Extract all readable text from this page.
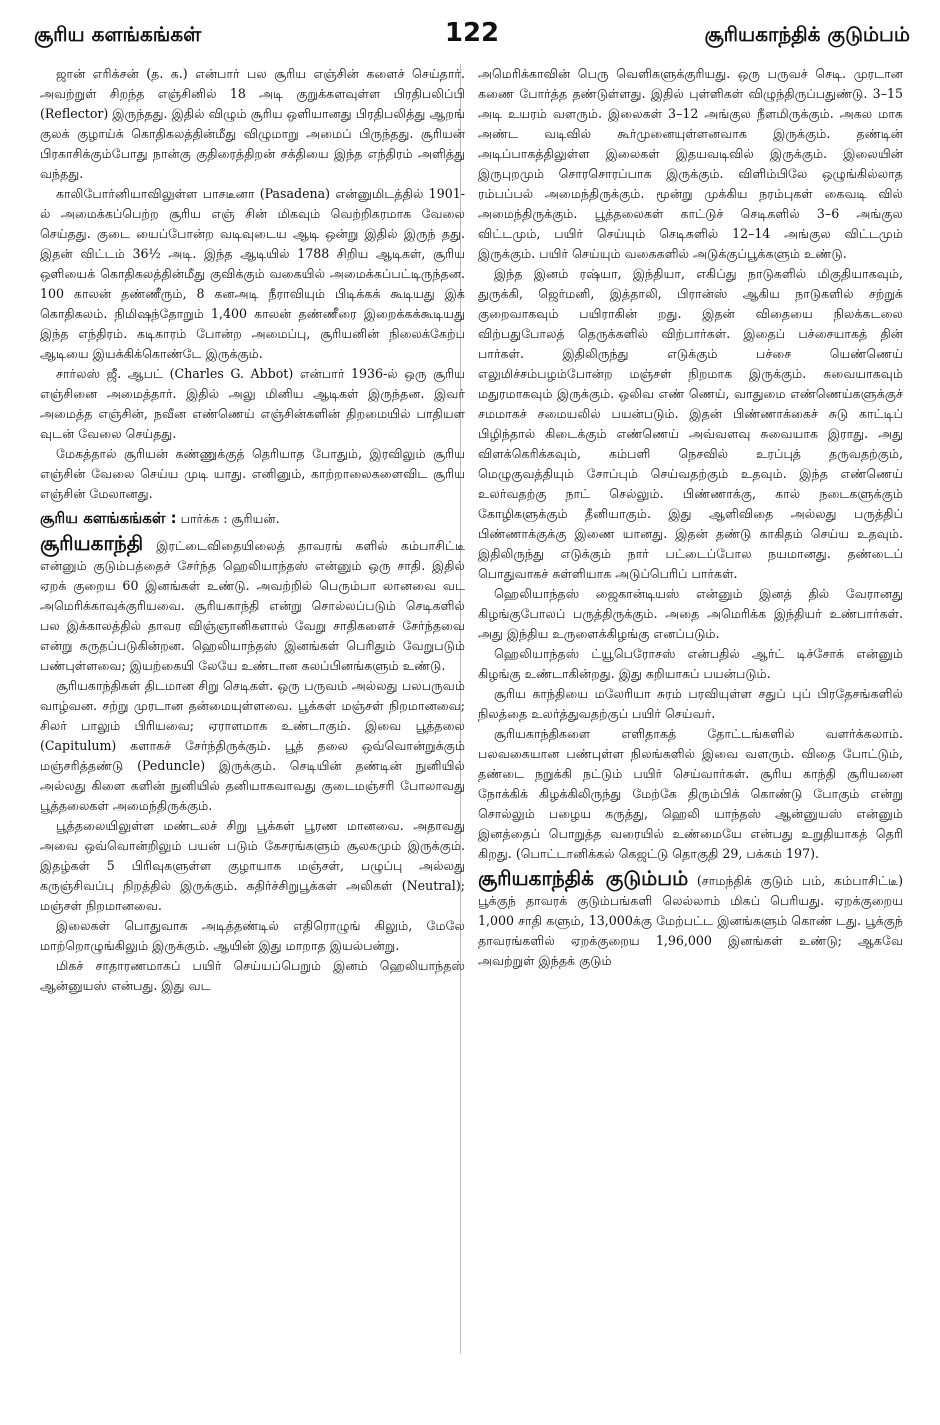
சூரிய களங்கங்கள்	122	சூரியகாந்திக் குடும்பம்

ஜான் எரிக்சன் (த. க.) என்பார் பல சூரிய எஞ்சின் களைச் செய்தார். அவற்றுள் சிறந்த எஞ்சினில் 18 அடி குறுக்களவுள்ள பிரதிபலிப்பி (Reflector) இருந்தது. இதில் விழும் சூரிய ஒளியானது பிரதிபலித்து ஆறங் குலக் குழாய்க் கொதிகலத்தின்மீது விழுமாறு அமைப் பிருந்தது. சூரியன் பிரகாசிக்கும்போது நான்கு குதிரைத்திறன் சக்தியை இந்த எந்திரம் அளித்து வந்தது.

காலிபோர்னியாவிலுள்ள பாசடீனா (Pasadena) என்னுமிடத்தில் 1901-ல் அமைக்கப்பெற்ற சூரிய எஞ் சின் மிகவும் வெற்றிகரமாக வேலை செய்தது. குடை யைப்போன்ற வடிவுடைய ஆடி ஒன்று இதில் இருந் தது. இதன் விட்டம் 36½ அடி. இந்த ஆடியில் 1788 சிறிய ஆடிகள், சூரிய ஒளியைக் கொதிகலத்தின்மீது குவிக்கும் வகையில் அமைக்கப்பட்டிருந்தன. 100 காலன் தண்ணீரும், 8 கனஅடி நீராவியும் பிடிக்கக் கூடியது இக் கொதிகலம். நிமிஷந்தோறும் 1,400 காலன் தண்ணீரை இறைக்கக்கூடியது இந்த எந்திரம். கடிகாரம் போன்ற அமைப்பு, சூரியனின் நிலைக்கேற்ப ஆடியை இயக்கிக்கொண்டே இருக்கும்.

சார்லஸ் ஜீ. ஆபட் (Charles G. Abbot) என்பார் 1936-ல் ஒரு சூரிய எஞ்சினை அமைத்தார். இதில் அலு மினிய ஆடிகள் இருந்தன. இவர் அமைத்த எஞ்சின், நவீன எண்ணெய் எஞ்சின்களின் திறமையில் பாதியள வுடன் வேலை செய்தது.

மேகத்தால் சூரியன் கண்ணுக்குத் தெரியாத போதும், இரவிலும் சூரிய எஞ்சின் வேலை செய்ய முடி யாது. எனினும், காற்றாலைகளைவிட சூரிய எஞ்சின் மேலானது.

சூரிய களங்கங்கள் : பார்க்க : சூரியன்.

சூரியகாந்தி இரட்டைவிதையிலைத் தாவரங் களில் கம்பாசிட்டீ என்னும் குடும்பத்தைச் சேர்ந்த ஹெலியாந்தஸ் என்னும் ஒரு சாதி. இதில் ஏறக் குறைய 60 இனங்கள் உண்டு. அவற்றில் பெரும்பா லானவை வட அமெரிக்காவுக்குரியவை. சூரியகாந்தி என்று சொல்லப்படும் செடிகளில் பல இக்காலத்தில் தாவர விஞ்ஞானிகளால் வேறு சாதிகளைச் சேர்ந்தவை என்று கருதப்படுகின்றன. ஹெலியாந்தஸ் இனங்கள் பெரிதும் வேறுபடும் பண்புள்ளவை; இயற்கையி லேயே உண்டான கலப்பினங்களும் உண்டு.

சூரியகாந்திகள் திடமான சிறு செடிகள். ஒரு பருவம் அல்லது பலபருவம் வாழ்வன. சற்று முரடான தன்மையுள்ளவை. பூக்கள் மஞ்சள் நிறமானவை; சிலர் பாலும் பிரியவை; ஏராளமாக உண்டாகும். இவை பூத்தலை (Capitulum) களாகச் சேர்ந்திருக்கும். பூத் தலை ஒவ்வொன்றுக்கும் மஞ்சரித்தண்டு (Peduncle) இருக்கும். செடியின் தண்டின் நுனியில் அல்லது கிளை களின் நுனியில் தனியாகவாவது குடைமஞ்சரி போலாவது பூத்தலைகள் அமைந்திருக்கும்.

பூத்தலையிலுள்ள மண்டலச் சிறு பூக்கள் பூரண மானவை. அதாவது அவை ஒவ்வொன்றிலும் பயன் படும் கேசரங்களும் சூலகமும் இருக்கும். இதழ்கள் 5 பிரிவுகளுள்ள குழாயாக மஞ்சள், பழுப்பு அல்லது கருஞ்சிவப்பு நிறத்தில் இருக்கும். கதிர்ச்சிறுபூக்கள் அலிகள் (Neutral); மஞ்சள் நிறமானவை.

இலைகள் பொதுவாக அடித்தண்டில் எதிரொழுங் கிலும், மேலே மாற்றொழுங்கிலும் இருக்கும். ஆயின் இது மாறாத இயல்பன்று.

மிகச் சாதாரணமாகப் பயிர் செய்யப்பெறும் இனம் ஹெலியாந்தஸ் ஆன்னுயஸ் என்பது. இது வட

அமெரிக்காவின் பெரு வெளிகளுக்குரியது. ஒரு பருவச் செடி. முரடான கணை போர்த்த தண்டுள்ளது. இதில் புள்ளிகள் விழுந்திருப்பதுண்டு. 3–15 அடி உயரம் வளரும். இலைகள் 3–12 அங்குல நீளமிருக்கும். அகல மாக அண்ட வடிவில் கூர்முனையுள்ளனவாக இருக்கும். தண்டின் அடிப்பாகத்திலுள்ள இலைகள் இதயவடிவில் இருக்கும். இலையின் இருபுறமும் சொரசொரப்பாக இருக்கும். விளிம்பிலே ஒழுங்கில்லாத ரம்பப்பல் அமைந்திருக்கும். மூன்று முக்கிய நரம்புகள் கைவடி வில் அமைந்திருக்கும். பூத்தலைகள் காட்டுச் செடிகளில் 3–6 அங்குல விட்டமும், பயிர் செய்யும் செடிகளில் 12–14 அங்குல விட்டமும் இருக்கும். பயிர் செய்யும் வகைகளில் அடுக்குப்பூக்களும் உண்டு.

இந்த இனம் ரஷ்யா, இந்தியா, எகிப்து நாடுகளில் மிகுதியாகவும், துருக்கி, ஜெர்மனி, இத்தாலி, பிரான்ஸ் ஆகிய நாடுகளில் சற்றுக் குறைவாகவும் பயிராகின் றது. இதன் விதையை நிலக்கடலை விற்பதுபோலத் தெருக்களில் விற்பார்கள். இதைப் பச்சையாகத் தின் பார்கள். இதிலிருந்து எடுக்கும் பச்சை யெண்ணெய் எலுமிச்சம்பழம்போன்ற மஞ்சள் நிறமாக இருக்கும். சுவையாகவும் மதுரமாகவும் இருக்கும். ஒலிவ எண் ணெய், வாதுமை எண்ணெய்களுக்குச் சமமாகச் சமையலில் பயன்படும். இதன் பிண்ணாக்கைச் சுடு காட்டிப் பிழிந்தால் கிடைக்கும் எண்ணெய் அவ்வளவு சுவையாக இராது. அது விளக்கெரிக்கவும், கம்பளி நெசவில் உரப்புத் தருவதற்கும், மெழுகுவத்தியும் சோப்பும் செய்வதற்கும் உதவும். இந்த எண்ணெய் உலர்வதற்கு நாட் செல்லும். பிண்ணாக்கு, கால் நடைகளுக்கும் கோழிகளுக்கும் தீனியாகும். இது ஆளிவிதை அல்லது பருத்திப் பிண்ணாக்குக்கு இணை யானது. இதன் தண்டு காகிதம் செய்ய உதவும். இதிலிருந்து எடுக்கும் நார் பட்டைப்போல நயமானது. தண்டைப் பொதுவாகச் சுள்ளியாக அடுப்பெரிப் பார்கள்.

ஹெலியாந்தஸ் ஜைகான்டியஸ் என்னும் இனத் தில் வேரானது கிழங்குபோலப் பருத்திருக்கும். அதை அமெரிக்க இந்தியர் உண்பார்கள். அது இந்திய உருளைக்கிழங்கு எனப்படும்.

ஹெலியாந்தஸ் ட்யூபெரோசஸ் என்பதில் ஆர்ட் டிச்சோக் என்னும் கிழங்கு உண்டாகின்றது. இது கறியாகப் பயன்படும்.

சூரிய காந்தியை மலேரியா சுரம் பரவியுள்ள சதுப் புப் பிரதேசங்களில் நிலத்தை உலர்த்துவதற்குப் பயிர் செய்வர்.

சூரியகாந்திகளை எளிதாகத் தோட்டங்களில் வளர்க்கலாம். பலவகையான பண்புள்ள நிலங்களில் இவை வளரும். விதை போட்டும், தண்டை நறுக்கி நட்டும் பயிர் செய்வார்கள். சூரிய காந்தி சூரியனை நோக்கிக் கிழக்கிலிருந்து மேற்கே திரும்பிக் கொண்டு போகும் என்று சொல்லும் பழைய கருத்து, ஹெலி யாந்தஸ் ஆன்னுயஸ் என்னும் இனத்தைப் பொறுத்த வரையில் உண்மையே என்பது உறுதியாகத் தெரி கிறது. (பொட்டானிக்கல் கெஜட்டு தொகுதி 29, பக்கம் 197).

சூரியகாந்திக் குடும்பம் (சாமந்திக் குடும் பம், கம்பாசிட்டீ) பூக்குந் தாவரக் குடும்பங்களி லெல்லாம் மிகப் பெரியது. ஏறக்குறைய 1,000 சாதி களும், 13,000க்கு மேற்பட்ட இனங்களும் கொண் டது. பூக்குந் தாவரங்களில் ஏறக்குறைய 1,96,000 இனங்கள் உண்டு; ஆகவே அவற்றுள் இந்தக் குடும்
